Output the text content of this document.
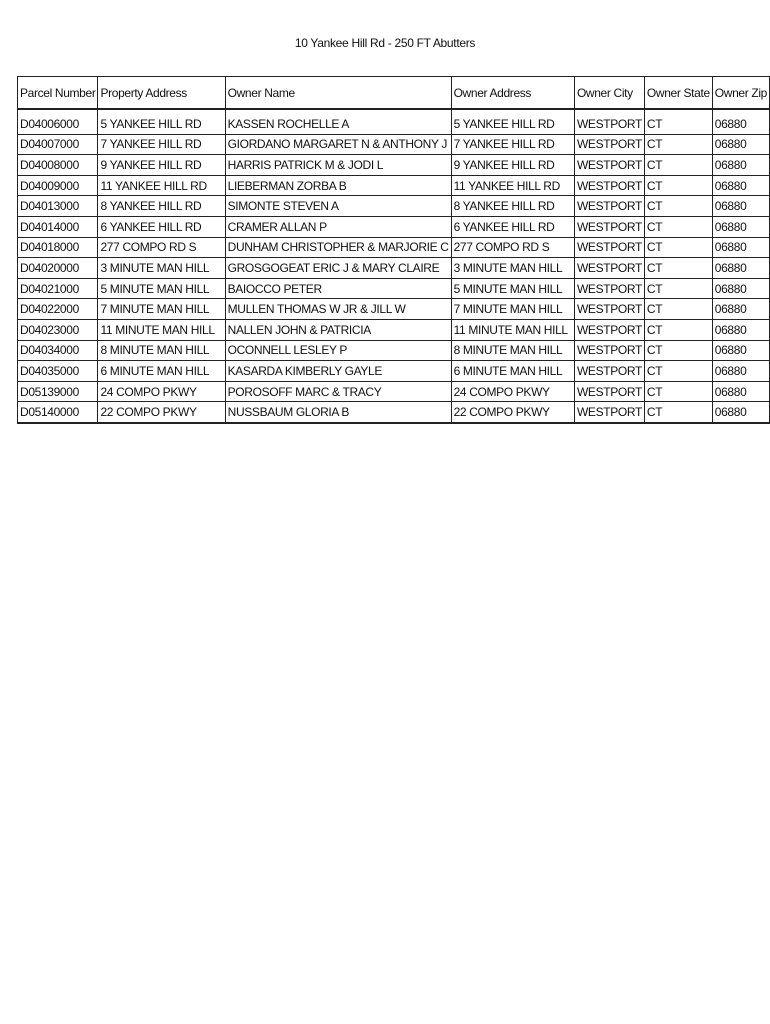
10 Yankee Hill Rd - 250 FT Abutters
Parcel Number	Property Address	Owner Name	Owner Address	Owner City	Owner State	Owner Zip
D04006000	5 YANKEE HILL RD	KASSEN ROCHELLE A	5 YANKEE HILL RD	WESTPORT	CT	06880
D04007000	7 YANKEE HILL RD	GIORDANO MARGARET N & ANTHONY J	7 YANKEE HILL RD	WESTPORT	CT	06880
D04008000	9 YANKEE HILL RD	HARRIS PATRICK M & JODI L	9 YANKEE HILL RD	WESTPORT	CT	06880
D04009000	11 YANKEE HILL RD	LIEBERMAN ZORBA B	11 YANKEE HILL RD	WESTPORT	CT	06880
D04013000	8 YANKEE HILL RD	SIMONTE STEVEN A	8 YANKEE HILL RD	WESTPORT	CT	06880
D04014000	6 YANKEE HILL RD	CRAMER ALLAN P	6 YANKEE HILL RD	WESTPORT	CT	06880
D04018000	277 COMPO RD S	DUNHAM CHRISTOPHER & MARJORIE C	277 COMPO RD S	WESTPORT	CT	06880
D04020000	3 MINUTE MAN HILL	GROSGOGEAT ERIC J & MARY CLAIRE	3 MINUTE MAN HILL	WESTPORT	CT	06880
D04021000	5 MINUTE MAN HILL	BAIOCCO PETER	5 MINUTE MAN HILL	WESTPORT	CT	06880
D04022000	7 MINUTE MAN HILL	MULLEN THOMAS W JR & JILL W	7 MINUTE MAN HILL	WESTPORT	CT	06880
D04023000	11 MINUTE MAN HILL	NALLEN JOHN & PATRICIA	11 MINUTE MAN HILL	WESTPORT	CT	06880
D04034000	8 MINUTE MAN HILL	OCONNELL LESLEY P	8 MINUTE MAN HILL	WESTPORT	CT	06880
D04035000	6 MINUTE MAN HILL	KASARDA KIMBERLY GAYLE	6 MINUTE MAN HILL	WESTPORT	CT	06880
D05139000	24 COMPO PKWY	POROSOFF MARC & TRACY	24 COMPO PKWY	WESTPORT	CT	06880
D05140000	22 COMPO PKWY	NUSSBAUM GLORIA B	22 COMPO PKWY	WESTPORT	CT	06880
